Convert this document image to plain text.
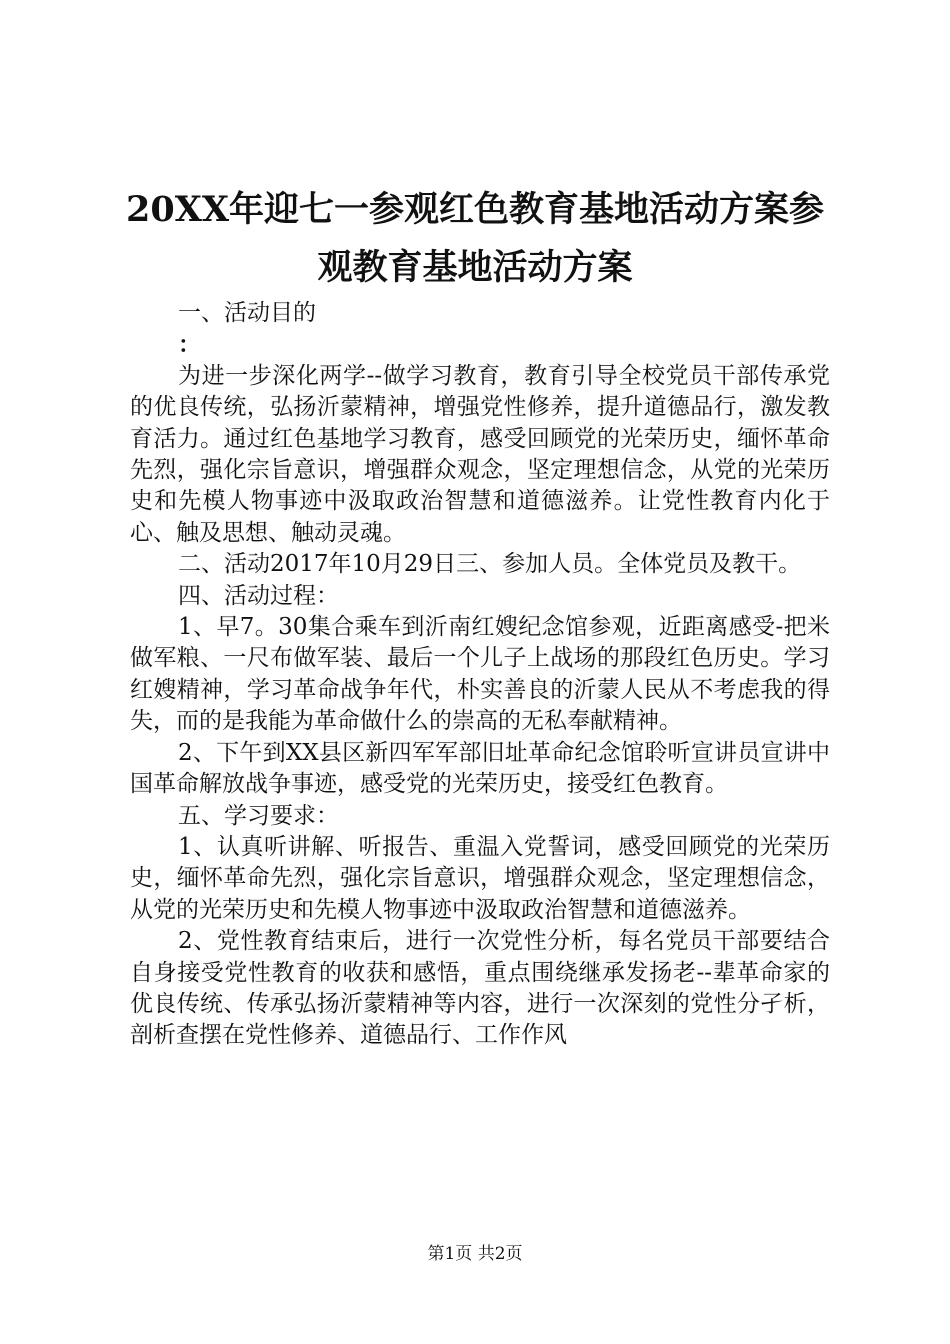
20XX年迎七一参观红色教育基地活动方案参
观教育基地活动方案

一、活动目的

：

为进一步深化两学--做学习教育，教育引导全校党员干部传承党的优良传统，弘扬沂蒙精神，增强党性修养，提升道德品行，激发教育活力。通过红色基地学习教育，感受回顾党的光荣历史，缅怀革命先烈，强化宗旨意识，增强群众观念，坚定理想信念，从党的光荣历史和先模人物事迹中汲取政治智慧和道德滋养。让党性教育内化于心、触及思想、触动灵魂。

二、活动2017年10月29日三、参加人员。全体党员及教干。

四、活动过程：

1、早7。30集合乘车到沂南红嫂纪念馆参观，近距离感受-把米做军粮、一尺布做军装、最后一个儿子上战场的那段红色历史。学习红嫂精神，学习革命战争年代，朴实善良的沂蒙人民从不考虑我的得失，而的是我能为革命做什么的崇高的无私奉献精神。

2、下午到XX县区新四军军部旧址革命纪念馆聆听宣讲员宣讲中国革命解放战争事迹，感受党的光荣历史，接受红色教育。

五、学习要求：

1、认真听讲解、听报告、重温入党誓词，感受回顾党的光荣历史，缅怀革命先烈，强化宗旨意识，增强群众观念，坚定理想信念，从党的光荣历史和先模人物事迹中汲取政治智慧和道德滋养。

2、党性教育结束后，进行一次党性分析，每名党员干部要结合自身接受党性教育的收获和感悟，重点围绕继承发扬老--辈革命家的优良传统、传承弘扬沂蒙精神等内容，进行一次深刻的党性分孑析，剖析查摆在党性修养、道德品行、工作作风

第1页 共2页
